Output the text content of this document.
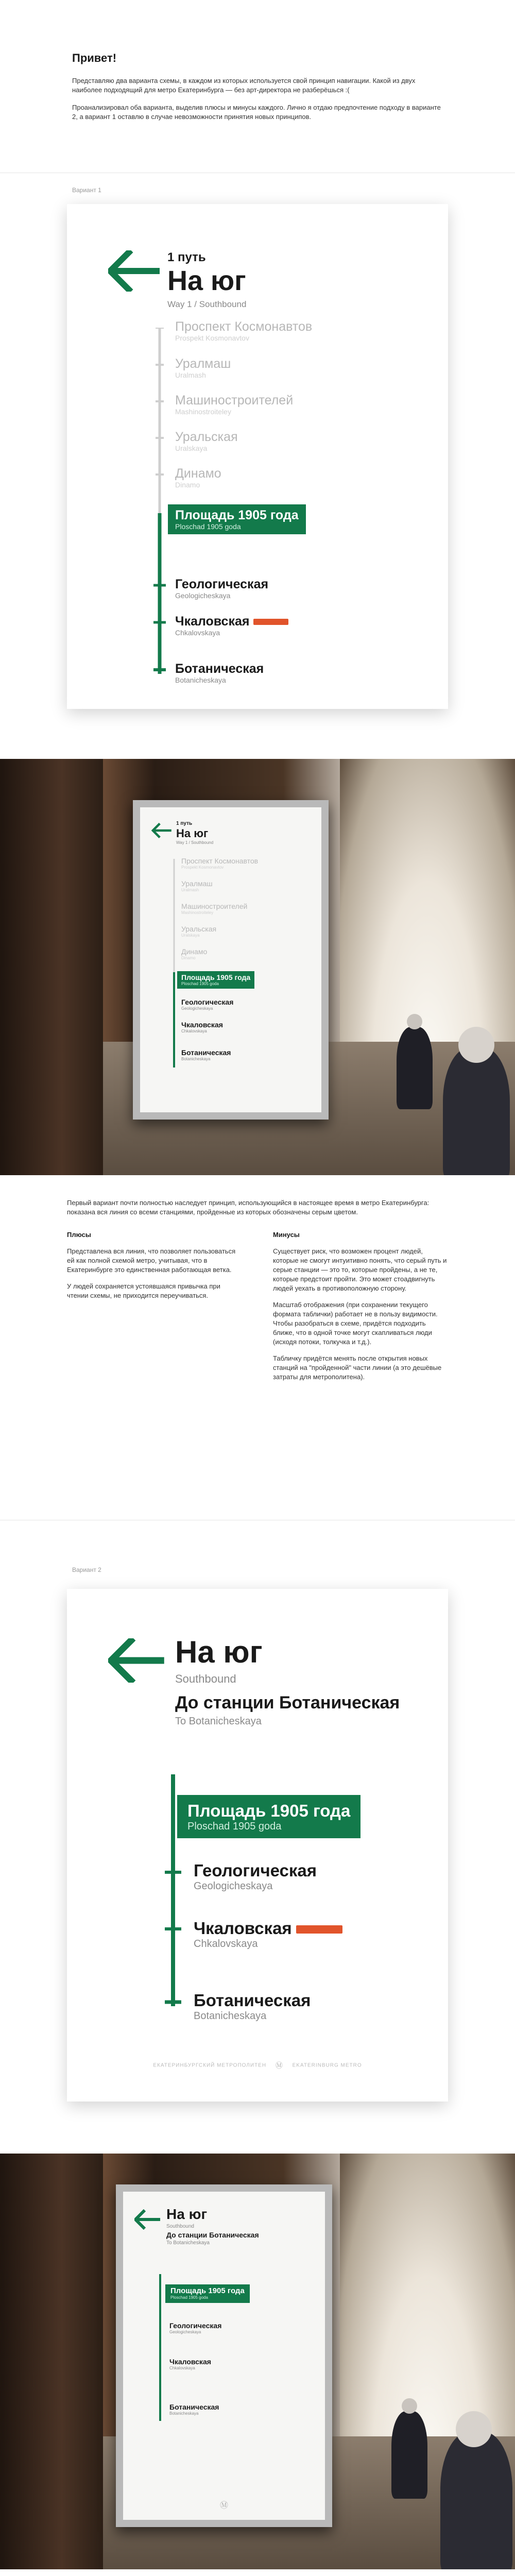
Привет!

Представляю два варианта схемы, в каждом из которых используется свой принцип навигации. Какой из двух наиболее подходящий для метро Екатеринбурга — без арт-директора не разберёшься :(

Проанализировал оба варианта, выделив плюсы и минусы каждого. Лично я отдаю предпочтение подходу в варианте 2, а вариант 1 оставлю в случае невозможности принятия новых принципов.

Вариант 1
1 путь
На юг
Way 1 / Southbound
Проспект Космонавтов
Prospekt Kosmonavtov
Уралмаш
Uralmash
Машиностроителей
Mashinostroiteley
Уральская
Uralskaya
Динамо
Dinamo
Площадь 1905 года
Ploschad 1905 goda
Геологическая
Geologicheskaya
Чкаловская
Chkalovskaya
Ботаническая
Botanicheskaya
1 путь
На юг
Way 1 / Southbound
Проспект Космонавтов
Prospekt Kosmonavtov
Уралмаш
Uralmash
Машиностроителей
Mashinostroiteley
Уральская
Uralskaya
Динамо
Dinamo
Площадь 1905 года
Ploschad 1905 goda
Геологическая
Geologicheskaya
Чкаловская
Chkalovskaya
Ботаническая
Botanicheskaya
Первый вариант почти полностью наследует принцип, использующийся в настоящее время в метро Екатеринбурга: показана вся линия со всеми станциями, пройденные из которых обозначены серым цветом.
Плюсы

Представлена вся линия, что позволяет пользоваться ей как полной схемой метро, учитывая, что в Екатеринбурге это единственная работающая ветка.

У людей сохраняется устоявшаяся привычка при чтении схемы, не приходится переучиваться.

Минусы

Существует риск, что возможен процент людей, которые не смогут интуитивно понять, что серый путь и серые станции — это то, которые пройдены, а не те, которые предстоит пройти. Это может стоадвигнуть людей уехать в противоположную сторону.

Масштаб отображения (при сохранении текущего формата таблички) работает не в пользу видимости. Чтобы разобраться в схеме, придётся подходить ближе, что в одной точке могут скапливаться люди (исходя потоки, толкучка и т.д.).

Табличку придётся менять после открытия новых станций на "пройденной" части линии (а это дешёвые затраты для метрополитена).

Вариант 2
На юг
Southbound
До станции Ботаническая
To Botanicheskaya
Площадь 1905 года
Ploschad 1905 goda
Геологическая
Geologicheskaya
Чкаловская
Chkalovskaya
Ботаническая
Botanicheskaya
ЕКАТЕРИНБУРГСКИЙ МЕТРОПОЛИТЕН Ⓜ EKATERINBURG METRO
На юг
Southbound
До станции Ботаническая
To Botanicheskaya
Площадь 1905 года
Ploschad 1905 goda
Геологическая
Geologicheskaya
Чкаловская
Chkalovskaya
Ботаническая
Botanicheskaya
Ⓜ
